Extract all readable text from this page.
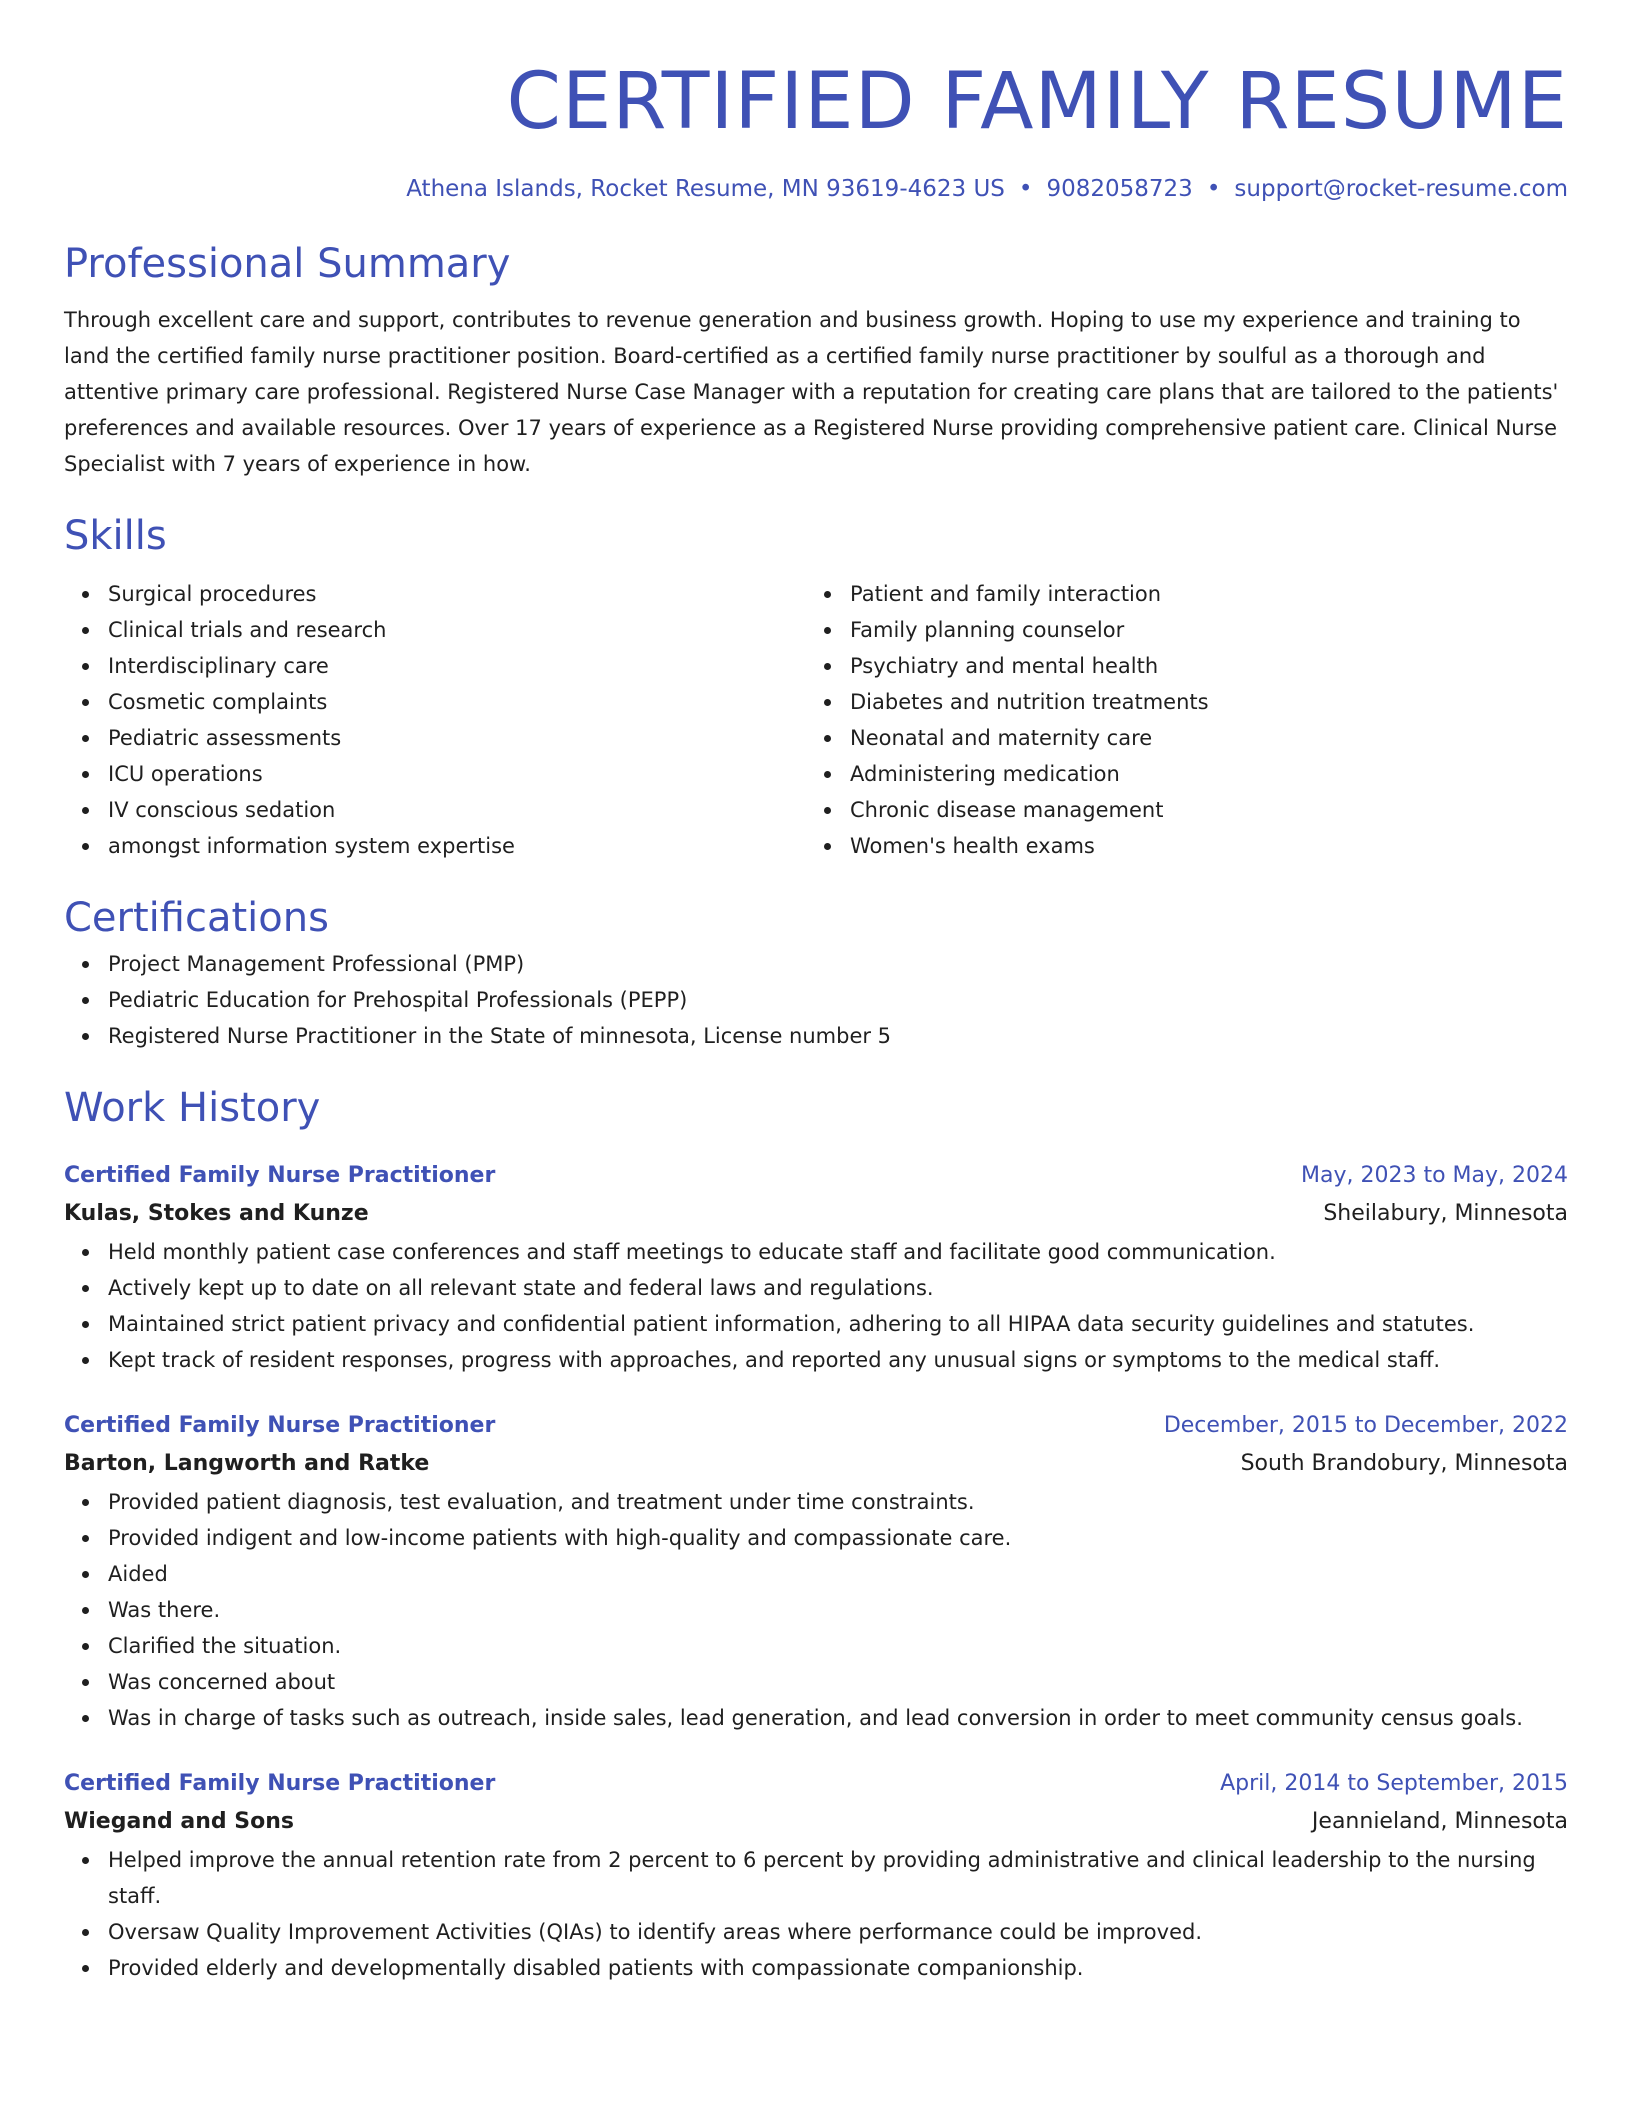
CERTIFIED FAMILY RESUME
Athena Islands, Rocket Resume, MN 93619-4623 US • 9082058723 • support@rocket-resume.com
Professional Summary

Through excellent care and support, contributes to revenue generation and business growth. Hoping to use my experience and training to land the certified family nurse practitioner position. Board-certified as a certified family nurse practitioner by soulful as a thorough and attentive primary care professional. Registered Nurse Case Manager with a reputation for creating care plans that are tailored to the patients' preferences and available resources. Over 17 years of experience as a Registered Nurse providing comprehensive patient care. Clinical Nurse Specialist with 7 years of experience in how.

Skills
Surgical procedures
Clinical trials and research
Interdisciplinary care
Cosmetic complaints
Pediatric assessments
ICU operations
IV conscious sedation
amongst information system expertise
Patient and family interaction
Family planning counselor
Psychiatry and mental health
Diabetes and nutrition treatments
Neonatal and maternity care
Administering medication
Chronic disease management
Women's health exams
Certifications
Project Management Professional (PMP)
Pediatric Education for Prehospital Professionals (PEPP)
Registered Nurse Practitioner in the State of minnesota, License number 5
Work History
Certified Family Nurse Practitioner	May, 2023 to May, 2024
Kulas, Stokes and Kunze	Sheilabury, Minnesota
Held monthly patient case conferences and staff meetings to educate staff and facilitate good communication.
Actively kept up to date on all relevant state and federal laws and regulations.
Maintained strict patient privacy and confidential patient information, adhering to all HIPAA data security guidelines and statutes.
Kept track of resident responses, progress with approaches, and reported any unusual signs or symptoms to the medical staff.
Certified Family Nurse Practitioner	December, 2015 to December, 2022
Barton, Langworth and Ratke	South Brandobury, Minnesota
Provided patient diagnosis, test evaluation, and treatment under time constraints.
Provided indigent and low-income patients with high-quality and compassionate care.
Aided
Was there.
Clarified the situation.
Was concerned about
Was in charge of tasks such as outreach, inside sales, lead generation, and lead conversion in order to meet community census goals.
Certified Family Nurse Practitioner	April, 2014 to September, 2015
Wiegand and Sons	Jeannieland, Minnesota
Helped improve the annual retention rate from 2 percent to 6 percent by providing administrative and clinical leadership to the nursing staff.
Oversaw Quality Improvement Activities (QIAs) to identify areas where performance could be improved.
Provided elderly and developmentally disabled patients with compassionate companionship.
